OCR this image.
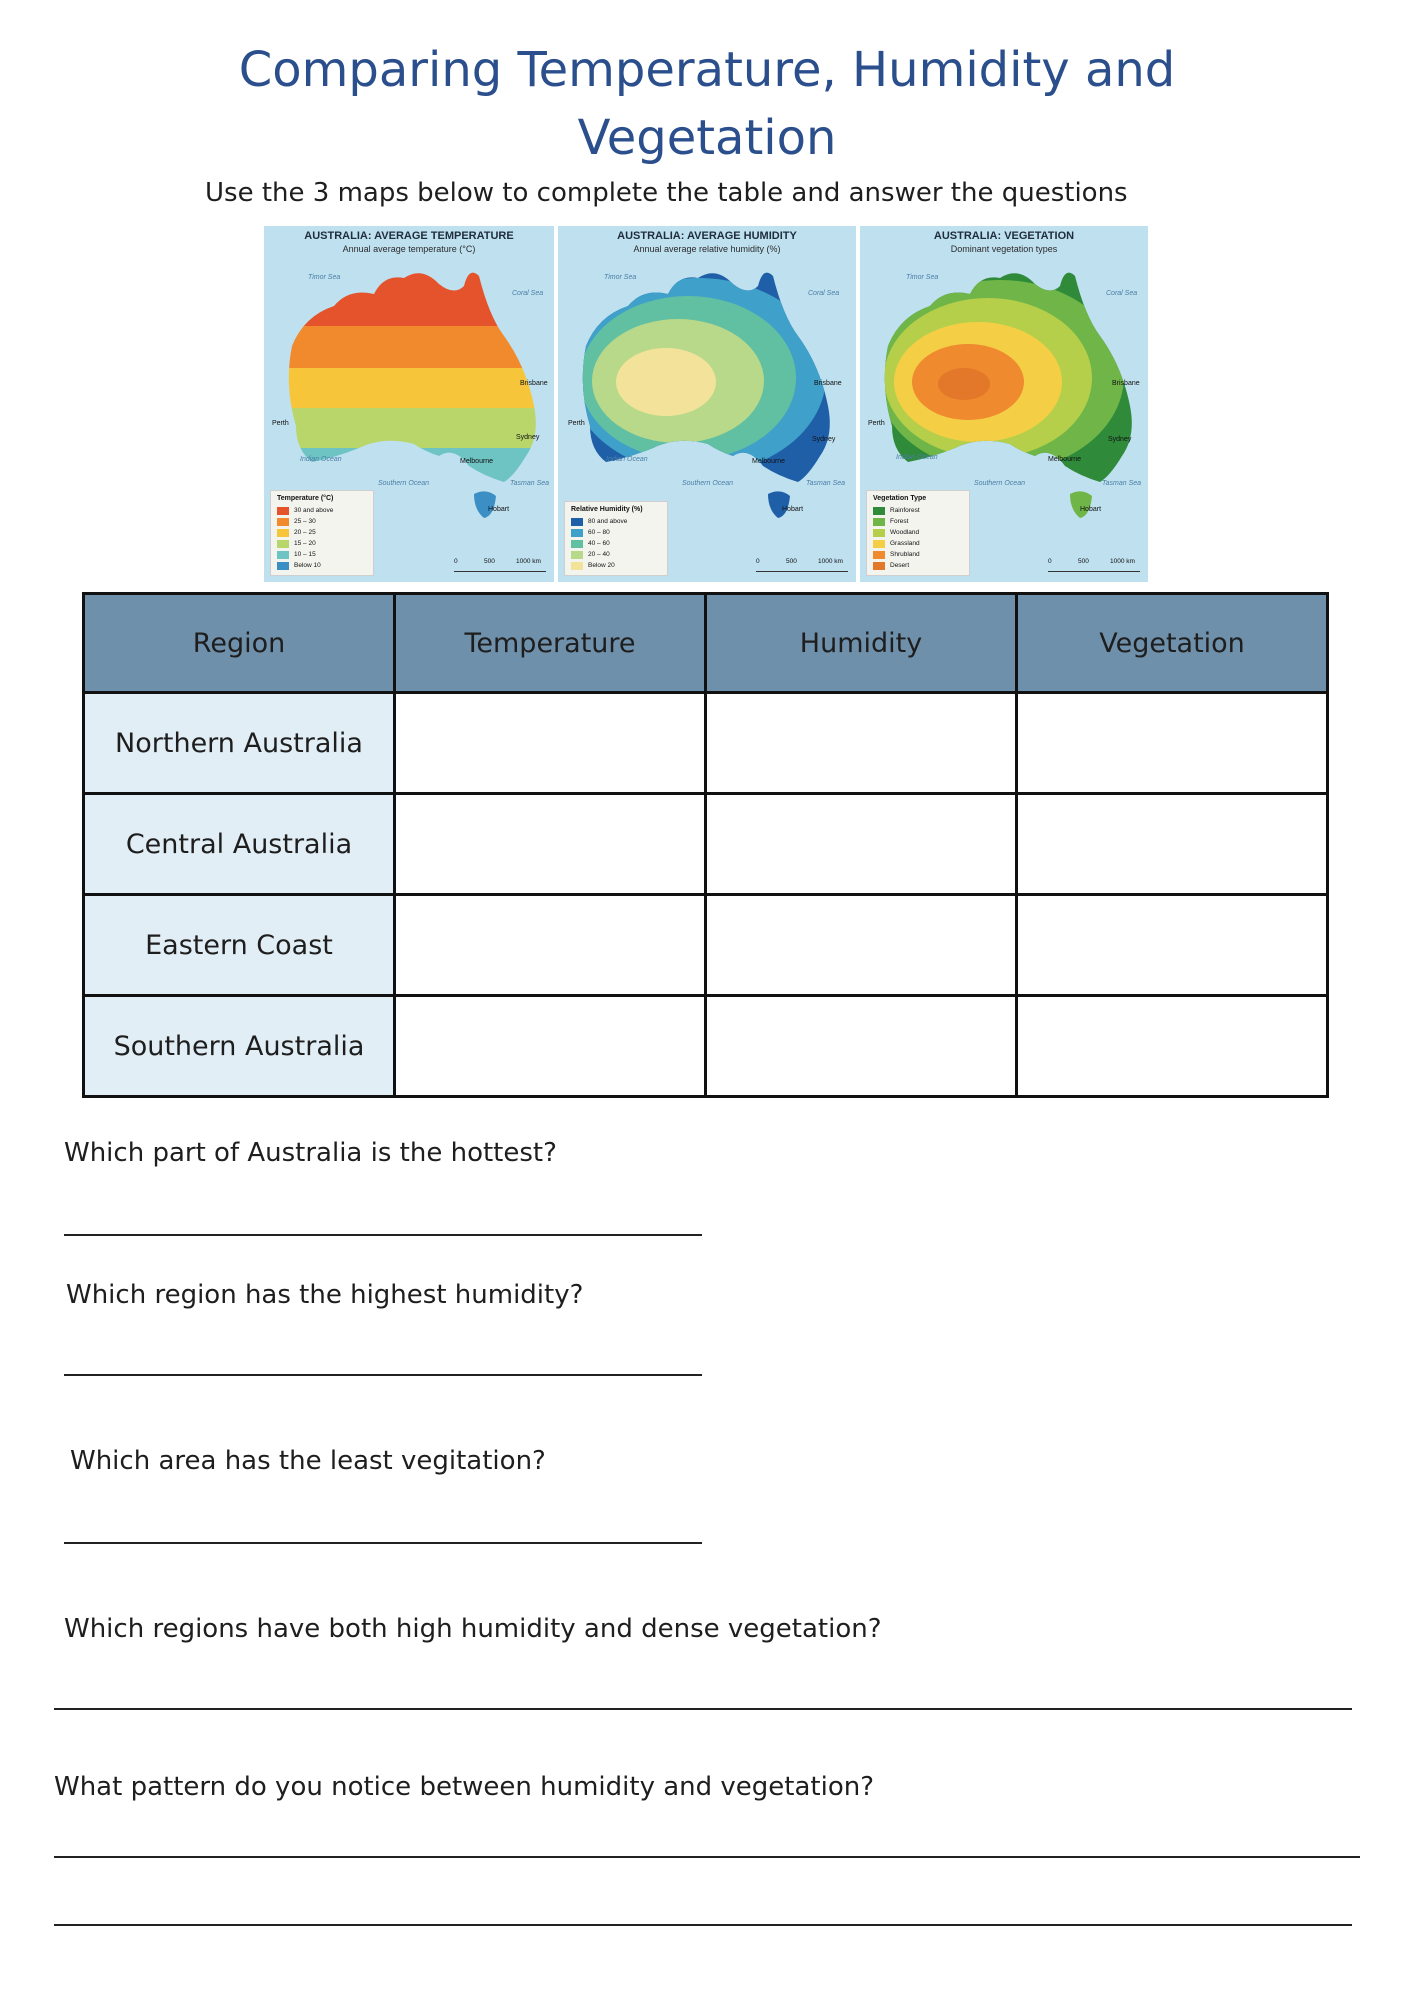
Comparing Temperature, Humidity and
Vegetation
Use the 3 maps below to complete the table and answer the questions
AUSTRALIA: AVERAGE TEMPERATURE
Annual average temperature (°C)
Timor Sea
Coral Sea
Indian Ocean
Southern Ocean	Tasman Sea
Perth
Brisbane
Sydney
Melbourne
Hobart
Temperature (°C)
30 and above
25 – 30
20 – 25
15 – 20
10 – 15
Below 10
0	500	1000 km
AUSTRALIA: AVERAGE HUMIDITY
Annual average relative humidity (%)
Timor Sea
Coral Sea
Indian Ocean
Southern Ocean	Tasman Sea
Perth
Brisbane
Sydney
Melbourne
Hobart
Relative Humidity (%)
80 and above
60 – 80
40 – 60
20 – 40
Below 20
0	500	1000 km
AUSTRALIA: VEGETATION
Dominant vegetation types
Timor Sea
Coral Sea
Indian Ocean
Southern Ocean	Tasman Sea
Perth
Brisbane
Sydney
Melbourne
Hobart
Vegetation Type
Rainforest
Forest
Woodland
Grassland
Shrubland
Desert
0	500	1000 km
Region	Temperature	Humidity	Vegetation
Northern Australia			
Central Australia			
Eastern Coast			
Southern Australia			
Which part of Australia is the hottest?
Which region has the highest humidity?
Which area has the least vegitation?
Which regions have both high humidity and dense vegetation?
What pattern do you notice between humidity and vegetation?
